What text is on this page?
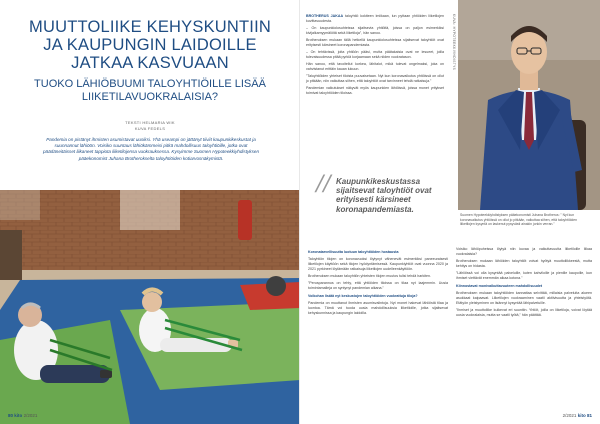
MUUTTOLIIKE KEHYSKUNTIIN
JA KAUPUNGIN LAIDOILLE
JATKAA KASVUAAN
TUOKO LÄHIÖBUUMI TALOYHTIÖILLE LISÄÄ
LIIKETILAVUOKRALAISIA?
TEKSTI HELMARIA WIK
KUVA FEDELS
Pandemia on pistänyt ihmisten asumistavat uusiksi. Yhä useampi on jättänyt tiiviit kaupunkikeskustat ja suunnannut lähiöön. Voisiko suuntaus lähiökämmeisi pitkä mahdollisuus taloyhtiöille, jotka ovat päädäneitäisset liikaneet tappiota liiketilojensa vuokrauksessa. Kysyimme Suomen Hypoteekkiyhdistyksen pääekonomist Juhana Brotherokselta taloyhtiöiden kotiarvosnäkymistä.
80 kito 2/2021

BROTHERUS JAKAA taloyhtiö kokiteen lmiikaan, lun pyttaan yhtiöiden liiketilojen kuvittavuudesta.

– On kaupunkiolosuhteissa sijaitsevia yhtiöitä, joissa on paljon esimerkiksi kivijalkamyymälöitä sekä liiketiloja", hän sanoo.

Brotheruksen mukaan tällä hetkellä kaupunkiolosuhteissa sijaitsevat taloyhtiöt ovat erityisesti kärsineet koronapandemiasta.

– On tehtävissä, joita yhtiöön pääsi, mutta päätakaisia ovat ne lesueet, joilla tulevaisuudessa pitää pyrkiä korjaamaan sekä niiden vuokratason.

Hän sanoo, että tavoitellut korkea, lähitalot, mikä tulevat ongelmaksi, joka on vahvistanut erittäin kauan lukuun.

"Taloyhtiöiden yhteiset tiloista puuvaisetaan. Nyt kun koronavaikutus yhtiöissä on ollut jo pitkään, niin vaikuttaa siihen, että taloyhtiöt ovat tarvinneet tehdä ratkaisuja."

Pandemian vaikutukset näkyvät myös kaupunkien lähiöissä, joissa monet yritykset toimivat taloyhtiöiden tiloissa.

KUVA: HYPOTEEKKIYHDISTYS
// Kaupunkikeskustassa sijaitsevat taloyhtiöt ovat erityisesti kärsineet koronapandemiasta.
Suomen Hypoteekkiyhdistyksen pääekonomisti Juhana Brotherus: " Nyt kun koronavaikutus yhtiöissä on ollut jo pitkään, vaikuttaa siihen, että taloyhtiöiden liiketilojen kysyntä on laskenut pysyvästi ainakin jonkin verran."

Koronatarvellisuutta luotuun taloyhtiöiden hostausta

Taloyhtiön tilojen on koronavuoksi löytynyt vähenevät esimerkiksi paneeuraisesti liiketilojen käyttöön sekä tilojen hyödyntämisessä. Kaupunkiyhtiöt ovat vuonna 2020 ja 2021 pyrkineet löytämään ratkaisuja liiketilojen uudelleenkäyttöön.

Brotheruksen mukaan taloyhtiön yhteisten tilojen muutos tulisi tehdä harkiten.

"Perusparannus on tehty, että yhtiöiden tiloissa on tilaa nyt laajemmin. Uusia toimintamalleja on syntynyt pandemian aikana."

Voikohan lisätä nyt keskustojen taloyhtiöiden vuokrattuja tiloja?

Pandemia on muuttanut ihmisten asumisvalintoja. Nyt monet hakevat lähiöistä tilaa ja luontoa. Tämä voi tuoda uusia mahdollisuuksia liiketiloille, jotka sijaitsevat kehyskunnissa ja kaupungin laidoilla.

Voisiko lähiöpuheissa löytyä niin kuvaa ja vaikuttavuutta liiketiloille liikaa vuokralaisia?

Brotheruksen mukaan lähiöiden taloyhtiöt voivat hyötyä muuttoliikkeestä, mutta kehitys on hidasta.

"Lähiöissä voi olla kysyntää palveluille, kuten kahviloille ja pienille kaupoille, kun ihmiset viettävät enemmän aikaa kotona."

Kiinnostavat monivaikuttavuuteen mahdollisuudet

Brotheruksen mukaan taloyhtiöiden kannattaa selvittää, millaisia palveluita alueen asukkaat kaipaavat. Liiketilojen vuokraaminen vaatii aktiivisuutta ja yhteistyötä. Etätyön yleistyminen on lisännyt kysyntää lähipalveluille.

"Ihmiset ja muuttoliike kulkevat eri suuntiin. Yhtiöt, joilla on liiketiloja, voivat löytää uusia vuokralaisia, mutta se vaatii työtä," hän päättää.

2/2021 kito 81
